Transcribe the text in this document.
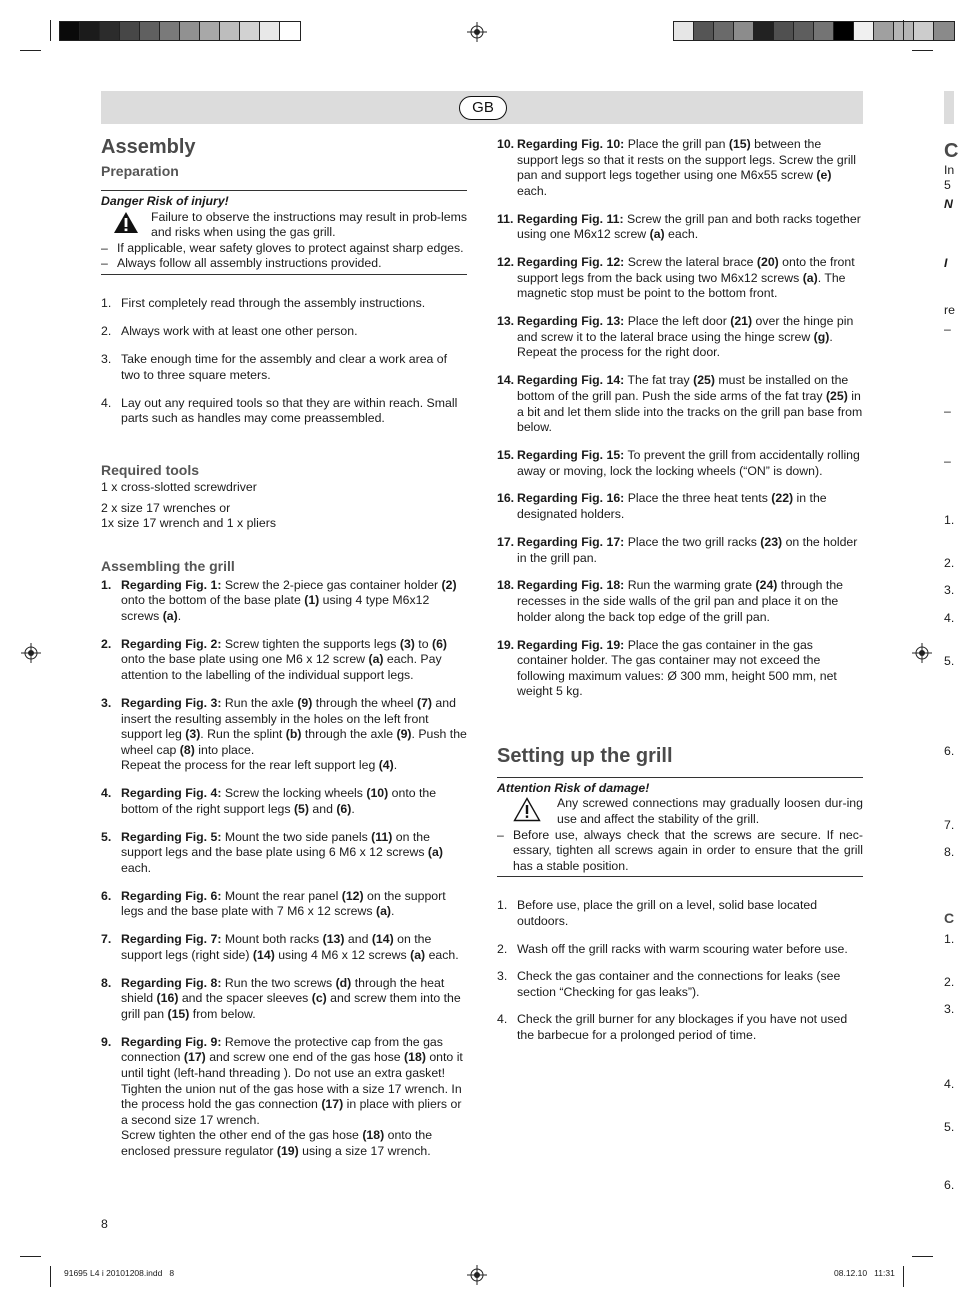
GB
Assembly
Preparation
Danger Risk of injury!
Failure to observe the instructions may result in prob-lems and risks when using the gas grill.
– If applicable, wear safety gloves to protect against sharp edges.
– Always follow all assembly instructions provided.
1. First completely read through the assembly instructions.
2. Always work with at least one other person.
3. Take enough time for the assembly and clear a work area of two to three square meters.
4. Lay out any required tools so that they are within reach. Small parts such as handles may come preassembled.
Required tools
1 x cross-slotted screwdriver
2 x size 17 wrenches or
1x size 17 wrench and 1 x pliers
Assembling the grill
1. Regarding Fig. 1: Screw the 2-piece gas container holder (2) onto the bottom of the base plate (1) using 4 type M6x12 screws (a).
2. Regarding Fig. 2: Screw tighten the supports legs (3) to (6) onto the base plate using one M6 x 12 screw (a) each. Pay attention to the labelling of the individual support legs.
3. Regarding Fig. 3: Run the axle (9) through the wheel (7) and insert the resulting assembly in the holes on the left front support leg (3). Run the splint (b) through the axle (9). Push the wheel cap (8) into place.
Repeat the process for the rear left support leg (4).
4. Regarding Fig. 4: Screw the locking wheels (10) onto the bottom of the right support legs (5) and (6).
5. Regarding Fig. 5: Mount the two side panels (11) on the support legs and the base plate using 6 M6 x 12 screws (a) each.
6. Regarding Fig. 6: Mount the rear panel (12) on the support legs and the base plate with 7 M6 x 12 screws (a).
7. Regarding Fig. 7: Mount both racks (13) and (14) on the support legs (right side) (14) using 4 M6 x 12 screws (a) each.
8. Regarding Fig. 8: Run the two screws (d) through the heat shield (16) and the spacer sleeves (c) and screw them into the grill pan (15) from below.
9. Regarding Fig. 9: Remove the protective cap from the gas connection (17) and screw one end of the gas hose (18) onto it until tight (left-hand threading ). Do not use an extra gasket! Tighten the union nut of the gas hose with a size 17 wrench. In the process hold the gas connection (17) in place with pliers or a second size 17 wrench.
Screw tighten the other end of the gas hose (18) onto the enclosed pressure regulator (19) using a size 17 wrench.
10. Regarding Fig. 10: Place the grill pan (15) between the support legs so that it rests on the support legs. Screw the grill pan and support legs together using one M6x55 screw (e) each.
11. Regarding Fig. 11: Screw the grill pan and both racks together using one M6x12 screw (a) each.
12. Regarding Fig. 12: Screw the lateral brace (20) onto the front support legs from the back using two M6x12 screws (a). The magnetic stop must be point to the bottom front.
13. Regarding Fig. 13: Place the left door (21) over the hinge pin and screw it to the lateral brace using the hinge screw (g).
Repeat the process for the right door.
14. Regarding Fig. 14: The fat tray (25) must be installed on the bottom of the grill pan. Push the side arms of the fat tray (25) in a bit and let them slide into the tracks on the grill pan base from below.
15. Regarding Fig. 15: To prevent the grill from accidentally rolling away or moving, lock the locking wheels (“ON” is down).
16. Regarding Fig. 16: Place the three heat tents (22) in the designated holders.
17. Regarding Fig. 17: Place the two grill racks (23) on the holder in the grill pan.
18. Regarding Fig. 18: Run the warming grate (24) through the recesses in the side walls of the gril pan and place it on the holder along the back top edge of the grill pan.
19. Regarding Fig. 19: Place the gas container in the gas container holder. The gas container may not exceed the following maximum values: Ø 300 mm, height 500 mm, net weight 5 kg.
Setting up the grill
Attention Risk of damage!
Any screwed connections may gradually loosen dur-ing use and affect the stability of the grill.
– Before use, always check that the screws are secure. If nec-essary, tighten all screws again in order to ensure that the grill has a stable position.
1. Before use, place the grill on a level, solid base located outdoors.
2. Wash off the grill racks with warm scouring water before use.
3. Check the gas container and the connections for leaks (see section “Checking for gas leaks”).
4. Check the grill burner for any blockages if you have not used the barbecue for a prolonged period of time.
C
In
5
N
I
re
–
–
–
1.
2.
3.
4.
5.
6.
7.
8.
C
1.
2.
3.
4.
5.
6.
8
91695 L4 i 20101208.indd   8	08.12.10   11:31
